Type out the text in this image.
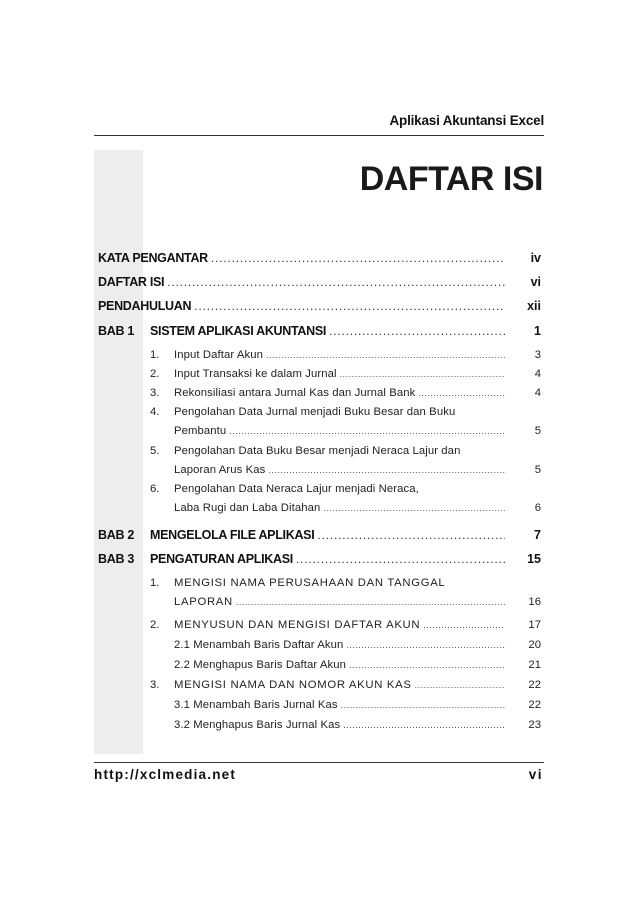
Aplikasi Akuntansi Excel
DAFTAR ISI
KATA PENGANTAR .....	iv
DAFTAR ISI .....	vi
PENDAHULUAN .....	xii
BAB 1 SISTEM APLIKASI AKUNTANSI .....	1
1. Input Daftar Akun .....	3
2. Input Transaksi ke dalam Jurnal .....	4
3. Rekonsiliasi antara Jurnal Kas dan Jurnal Bank .....	4
4. Pengolahan Data Jurnal menjadi Buku Besar dan Buku
Pembantu .....	5
5. Pengolahan Data Buku Besar menjadi Neraca Lajur dan
Laporan Arus Kas .....	5
6. Pengolahan Data Neraca Lajur menjadi Neraca,
Laba Rugi dan Laba Ditahan .....	6
BAB 2 MENGELOLA FILE APLIKASI .....	7
BAB 3 PENGATURAN APLIKASI .....	15
1. MENGISI NAMA PERUSAHAAN DAN TANGGAL
LAPORAN .....	16
2. MENYUSUN DAN MENGISI DAFTAR AKUN .....	17
2.1 Menambah Baris Daftar Akun .....	20
2.2 Menghapus Baris Daftar Akun .....	21
3. MENGISI NAMA DAN NOMOR AKUN KAS .....	22
3.1 Menambah Baris Jurnal Kas .....	22
3.2 Menghapus Baris Jurnal Kas .....	23
http://xclmedia.net	vi
